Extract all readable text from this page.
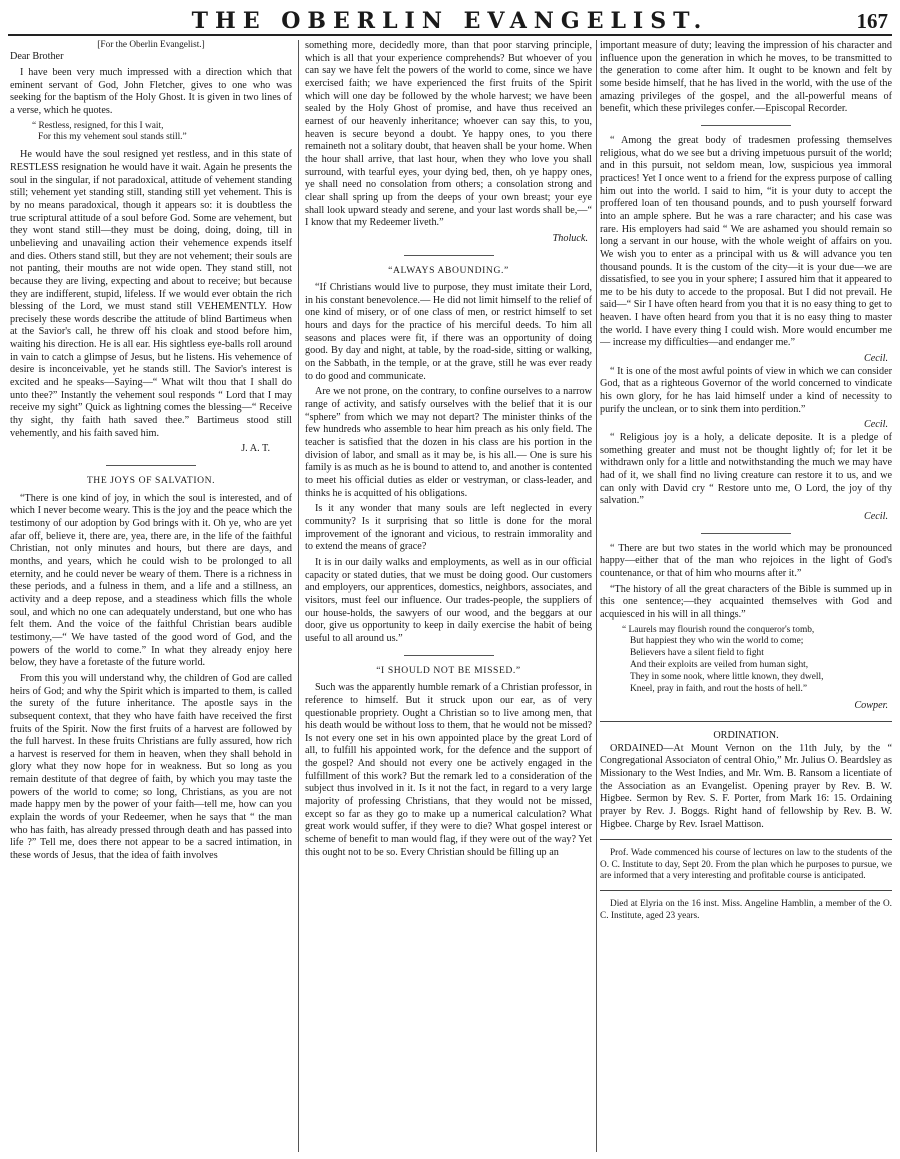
THE OBERLIN EVANGELIST.	167
[For the Oberlin Evangelist.]

Dear Brother

I have been very much impressed with a direction which that eminent servant of God, John Fletcher, gives to one who was seeking for the baptism of the Holy Ghost. It is given in two lines of a verse, which he quotes.

“ Restless, resigned, for this I wait,
For this my vehement soul stands still.”

He would have the soul resigned yet restless, and in this state of RESTLESS resignation he would have it wait. Again he presents the soul in the singular, if not paradoxical, attitude of vehement standing still; vehement yet standing still, standing still yet vehement. This is by no means paradoxical, though it appears so: it is doubtless the true scriptural attitude of a soul before God. Some are vehement, but they wont stand still—they must be doing, doing, doing, till in unbelieving and unavailing action their vehemence expends itself and dies. Others stand still, but they are not vehement; their souls are not panting, their mouths are not wide open. They stand still, not because they are living, expecting and about to receive; but because they are indifferent, stupid, lifeless. If we would ever obtain the rich blessing of the Lord, we must stand still VEHEMENTLY. How precisely these words describe the attitude of blind Bartimeus when at the Savior's call, he threw off his cloak and stood before him, waiting his direction. He is all ear. His sightless eye-balls roll around in vain to catch a glimpse of Jesus, but he listens. His vehemence of desire is inconceivable, yet he stands still. The Savior's interest is excited and he speaks—Saying—“ What wilt thou that I shall do unto thee?” Instantly the vehement soul responds “ Lord that I may receive my sight” Quick as lightning comes the blessing—“ Receive thy sight, thy faith hath saved thee.” Bartimeus stood still vehemently, and his faith saved him.

J. A. T.
THE JOYS OF SALVATION.

“There is one kind of joy, in which the soul is interested, and of which I never become weary. This is the joy and the peace which the testimony of our adoption by God brings with it. Oh ye, who are yet afar off, believe it, there are, yea, there are, in the life of the faithful Christian, not only minutes and hours, but there are days, and months, and years, which he could wish to be prolonged to all eternity, and he could never be weary of them. There is a richness in these periods, and a fulness in them, and a life and a stillness, an activity and a deep repose, and a steadiness which fills the whole soul, and which no one can adequately understand, but one who has felt them. And the voice of the faithful Christian bears audible testimony,—“ We have tasted of the good word of God, and the powers of the world to come.” In what they already enjoy here below, they have a foretaste of the future world.

From this you will understand why, the children of God are called heirs of God; and why the Spirit which is imparted to them, is called the surety of the future inheritance. The apostle says in the subsequent context, that they who have faith have received the first fruits of the Spirit. Now the first fruits of a harvest are followed by the full harvest. In these fruits Christians are fully assured, how rich a harvest is reserved for them in heaven, when they shall behold in glory what they now hope for in weakness. But so long as you remain destitute of that degree of faith, by which you may taste the powers of the world to come; so long, Christians, as you are not made happy men by the power of your faith—tell me, how can you explain the words of your Redeemer, when he says that “ the man who has faith, has already pressed through death and has passed into life ?” Tell me, does there not appear to be a sacred intimation, in these words of Jesus, that the idea of faith involves

something more, decidedly more, than that poor starving principle, which is all that your experience comprehends? But whoever of you can say we have felt the powers of the world to come, since we have exercised faith; we have experienced the first fruits of the Spirit which will one day be followed by the whole harvest; we have been sealed by the Holy Ghost of promise, and have thus received an earnest of our heavenly inheritance; whoever can say this, to you, heaven is secure beyond a doubt. Ye happy ones, to you there remaineth not a solitary doubt, that heaven shall be your home. When the hour shall arrive, that last hour, when they who love you shall surround, with tearful eyes, your dying bed, then, oh ye happy ones, ye shall need no consolation from others; a consolation strong and clear shall spring up from the deeps of your own breast; your eye shall look upward steady and serene, and your last words shall be,—“ I know that my Redeemer liveth.”

Tholuck.
“ALWAYS ABOUNDING.”

“If Christians would live to purpose, they must imitate their Lord, in his constant benevolence.— He did not limit himself to the relief of one kind of misery, or of one class of men, or restrict himself to set hours and days for the practice of his merciful deeds. To him all seasons and places were fit, if there was an opportunity of doing good. By day and night, at table, by the road-side, sitting or walking, on the Sabbath, in the temple, or at the grave, still he was ever ready to do good and communicate.

Are we not prone, on the contrary, to confine ourselves to a narrow range of activity, and satisfy ourselves with the belief that it is our “sphere” from which we may not depart? The minister thinks of the few hundreds who assemble to hear him preach as his only field. The teacher is satisfied that the dozen in his class are his portion in the division of labor, and small as it may be, is his all.— One is sure his family is as much as he is bound to attend to, and another is contented to meet his official duties as elder or vestryman, or class-leader, and thinks he is acquitted of his obligations.

Is it any wonder that many souls are left neglected in every community? Is it surprising that so little is done for the moral improvement of the ignorant and vicious, to restrain immorality and to extend the means of grace?

It is in our daily walks and employments, as well as in our official capacity or stated duties, that we must be doing good. Our customers and employers, our apprentices, domestics, neighbors, associates, and visitors, must feel our influence. Our trades-people, the suppliers of our house-holds, the sawyers of our wood, and the beggars at our door, give us opportunity to keep in daily exercise the habit of being useful to all around us.”

“I SHOULD NOT BE MISSED.”

Such was the apparently humble remark of a Christian professor, in reference to himself. But it struck upon our ear, as of very questionable propriety. Ought a Christian so to live among men, that his death would be without loss to them, that he would not be missed? Is not every one set in his own appointed place by the great Lord of all, to fulfill his appointed work, for the defence and the support of the gospel? And should not every one be actively engaged in the fulfillment of this work? But the remark led to a consideration of the subject thus involved in it. Is it not the fact, in regard to a very large majority of professing Christians, that they would not be missed, except so far as they go to make up a numerical calculation? What great work would suffer, if they were to die? What gospel interest or scheme of benefit to man would flag, if they were out of the way? Yet this ought not to be so. Every Christian should be filling up an

important measure of duty; leaving the impression of his character and influence upon the generation in which he moves, to be transmitted to the generation to come after him. It ought to be known and felt by some beside himself, that he has lived in the world, with the use of the amazing privileges of the gospel, and the all-powerful means of benefit, which these privileges confer.—Episcopal Recorder.

“ Among the great body of tradesmen professing themselves religious, what do we see but a driving impetuous pursuit of the world; and in this pursuit, not seldom mean, low, suspicious yea immoral practices! Yet I once went to a friend for the express purpose of calling him out into the world. I said to him, “it is your duty to accept the proffered loan of ten thousand pounds, and to push yourself forward into an ample sphere. But he was a rare character; and his case was rare. His employers had said “ We are ashamed you should remain so long a servant in our house, with the whole weight of affairs on you. We wish you to enter as a principal with us & will advance you ten thousand pounds. It is the custom of the city—it is your due—we are dissatisfied, to see you in your sphere; I assured him that it appeared to me to be his duty to accede to the proposal. But I did not prevail. He said—“ Sir I have often heard from you that it is no easy thing to get to heaven. I have often heard from you that it is no easy thing to master the world. I have every thing I could wish. More would encumber me— increase my difficulties—and endanger me.”

Cecil.

“ It is one of the most awful points of view in which we can consider God, that as a righteous Governor of the world concerned to vindicate his own glory, for he has laid himself under a kind of necessity to purify the unclean, or to sink them into perdition.”

Cecil.

“ Religious joy is a holy, a delicate deposite. It is a pledge of something greater and must not be thought lightly of; for let it be withdrawn only for a little and notwithstanding the much we may have had of it, we shall find no living creature can restore it to us, and we can only with David cry “ Restore unto me, O Lord, the joy of thy salvation.”

Cecil.

“ There are but two states in the world which may be pronounced happy—either that of the man who rejoices in the light of God's countenance, or that of him who mourns after it.”

“The history of all the great characters of the Bible is summed up in this one sentence;—they acquainted themselves with God and acquiesced in his will in all things.”

“ Laurels may flourish round the conqueror's tomb,
But happiest they who win the world to come;
Believers have a silent field to fight
And their exploits are veiled from human sight,
They in some nook, where little known, they dwell,
Kneel, pray in faith, and rout the hosts of hell.”
Cowper.
ORDINATION.

ORDAINED—At Mount Vernon on the 11th July, by the “ Congregational Associaton of central Ohio,” Mr. Julius O. Beardsley as Missionary to the West Indies, and Mr. Wm. B. Ransom a licentiate of the Association as an Evangelist. Opening prayer by Rev. B. W. Higbee. Sermon by Rev. S. F. Porter, from Mark 16: 15. Ordaining prayer by Rev. J. Boggs. Right hand of fellowship by Rev. B. W. Higbee. Charge by Rev. Israel Mattison.

Prof. Wade commenced his course of lectures on law to the students of the O. C. Institute to day, Sept 20. From the plan which he purposes to pursue, we are informed that a very interesting and profitable course is anticipated.

Died at Elyria on the 16 inst. Miss. Angeline Hamblin, a member of the O. C. Institute, aged 23 years.
